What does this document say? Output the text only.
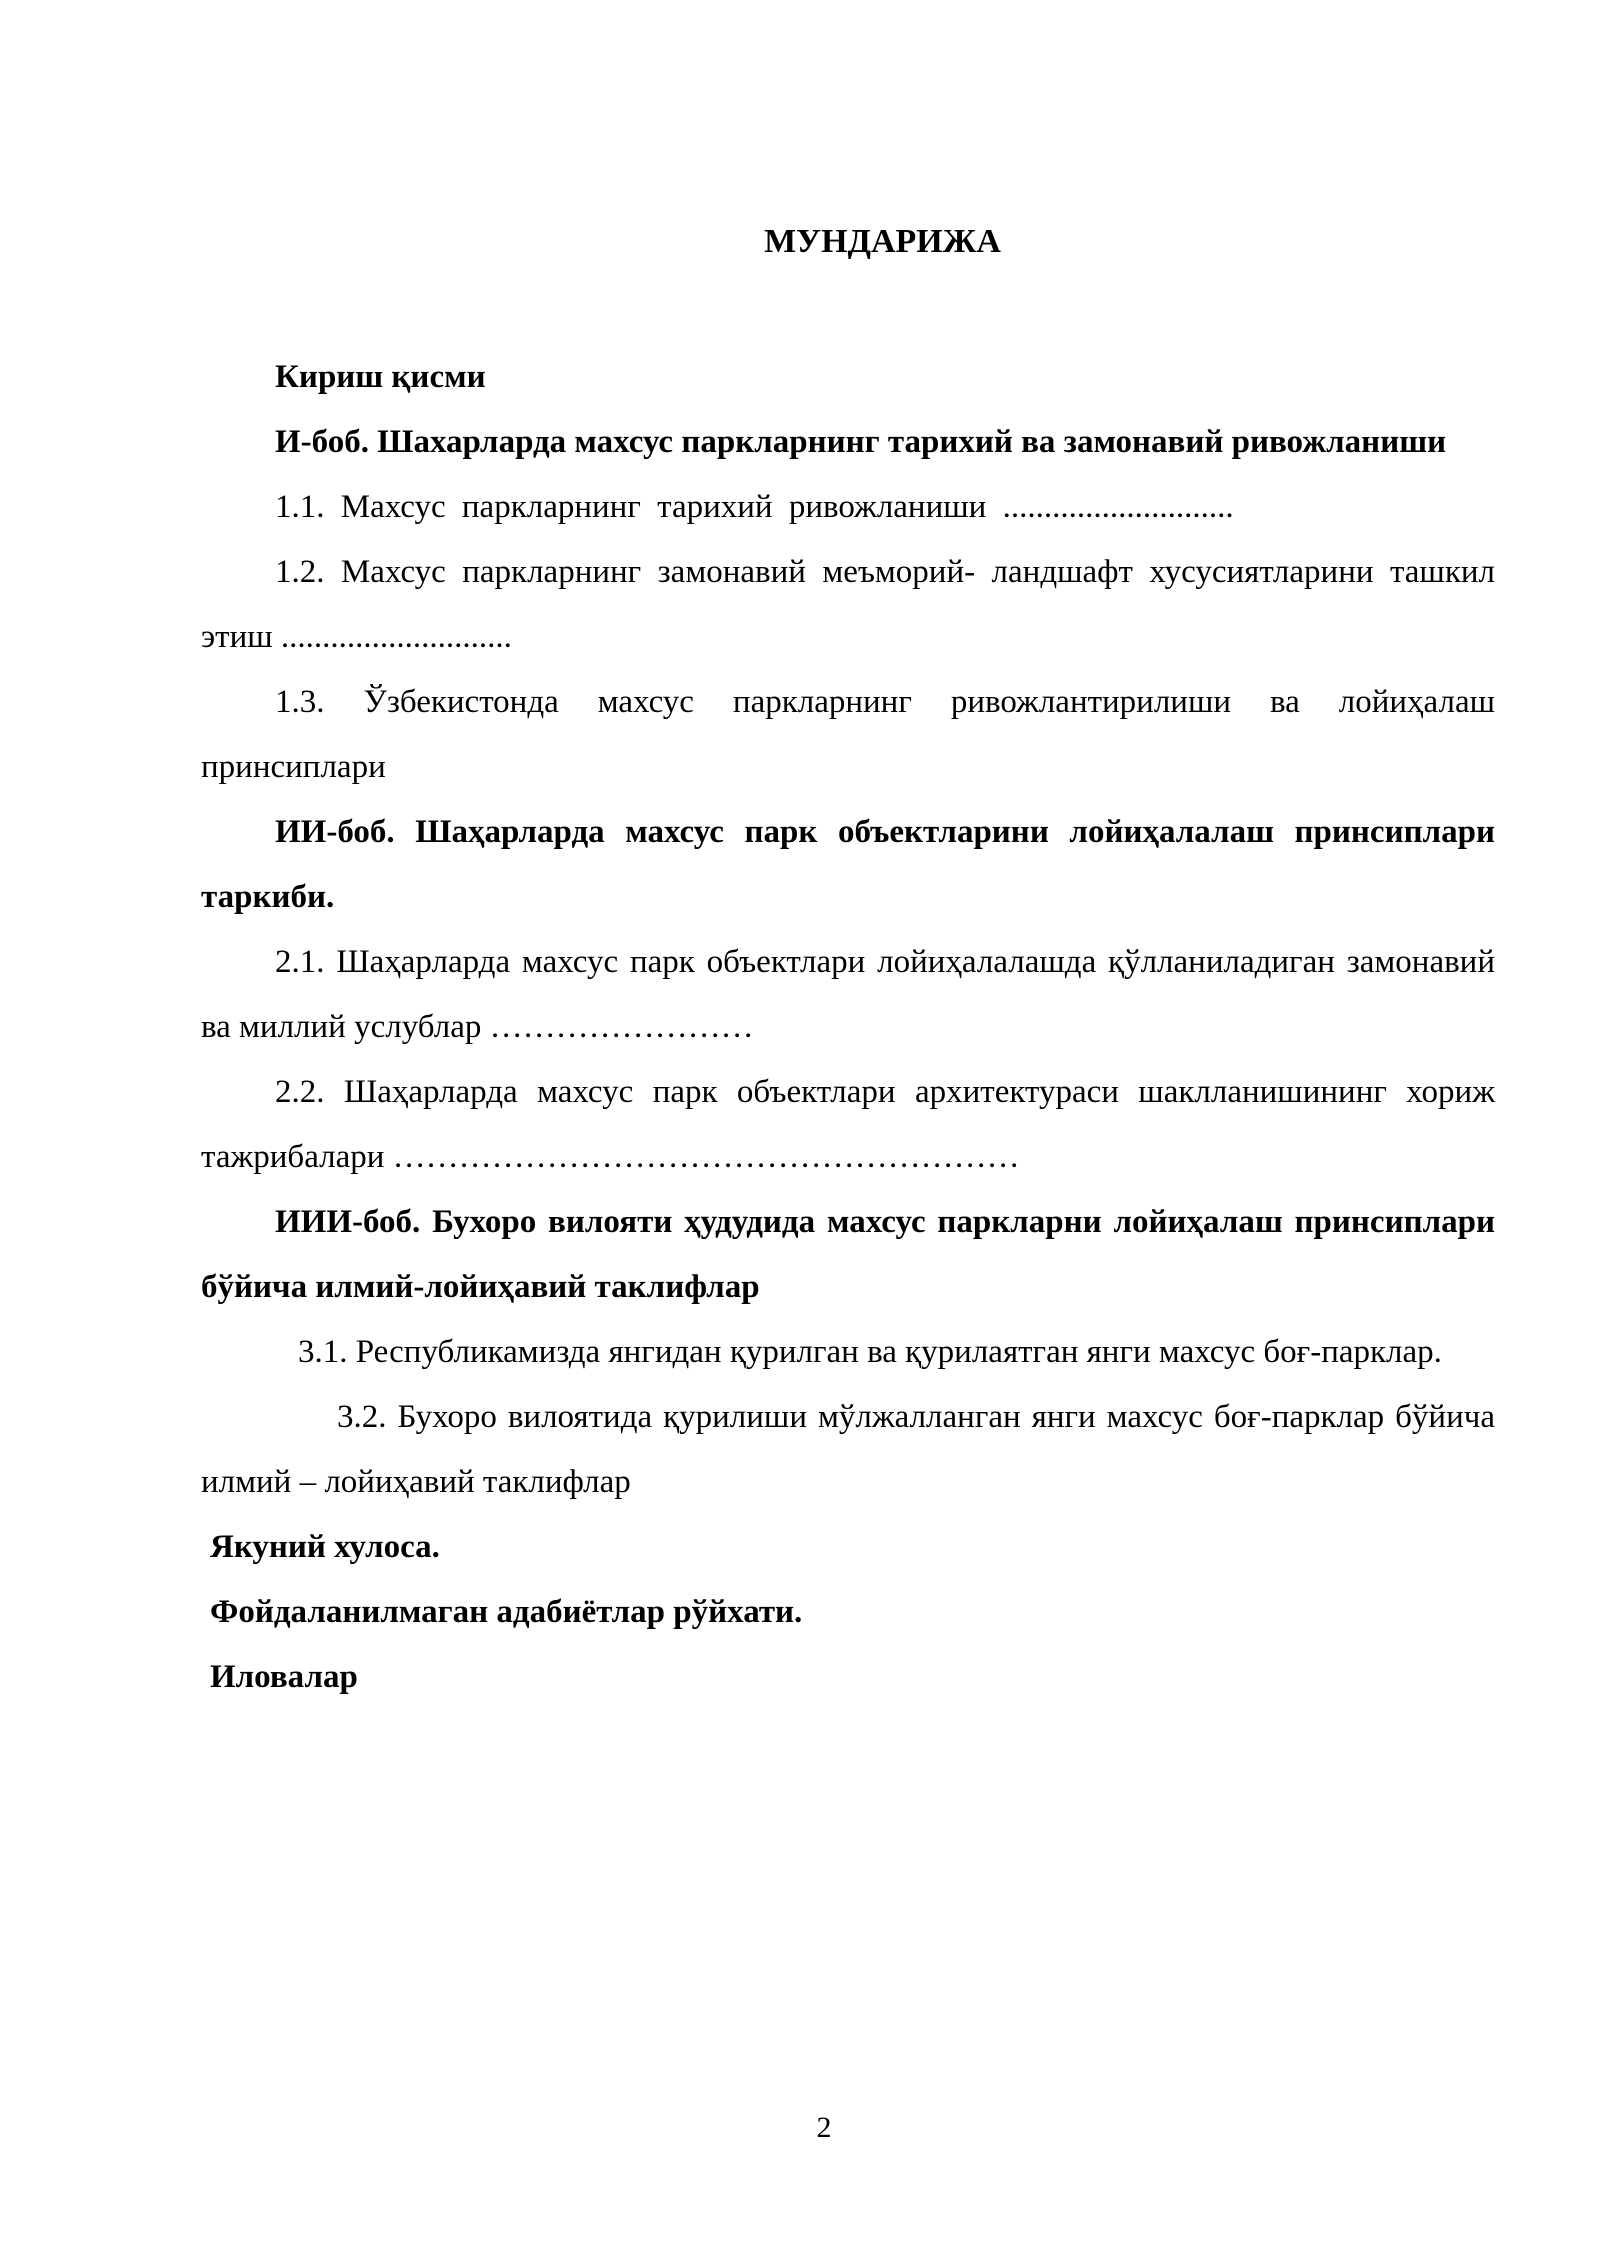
МУНДАРИЖА

Кириш қисми

И-боб. Шахарларда махсус паркларнинг тарихий ва замонавий ривожланиши

1.1. Махсус паркларнинг тарихий ривожланиши ............................

1.2. Махсус паркларнинг замонавий меъморий- ландшафт хусусиятларини ташкил этиш ............................

1.3. Ўзбекистонда махсус паркларнинг ривожлантирилиши ва лойиҳалаш принсиплари

ИИ-боб. Шаҳарларда махсус парк объектларини лойиҳалалаш принсиплари таркиби.

2.1. Шаҳарларда махсус парк объектлари лойиҳалалашда қўлланиладиган замонавий ва миллий услублар ……………………

2.2. Шаҳарларда махсус парк объектлари архитектураси шаклланишининг хориж тажрибалари …………………………………………………

ИИИ-боб. Бухоро вилояти ҳудудида махсус паркларни лойиҳалаш принсиплари бўйича илмий-лойиҳавий таклифлар

3.1. Республикамизда янгидан қурилган ва қурилаятган янги махсус боғ-парклар.

3.2. Бухоро вилоятида қурилиши мўлжалланган янги махсус боғ-парклар бўйича илмий – лойиҳавий таклифлар

Якуний хулоса.

Фойдаланилмаган адабиётлар рўйхати.

Иловалар

2
